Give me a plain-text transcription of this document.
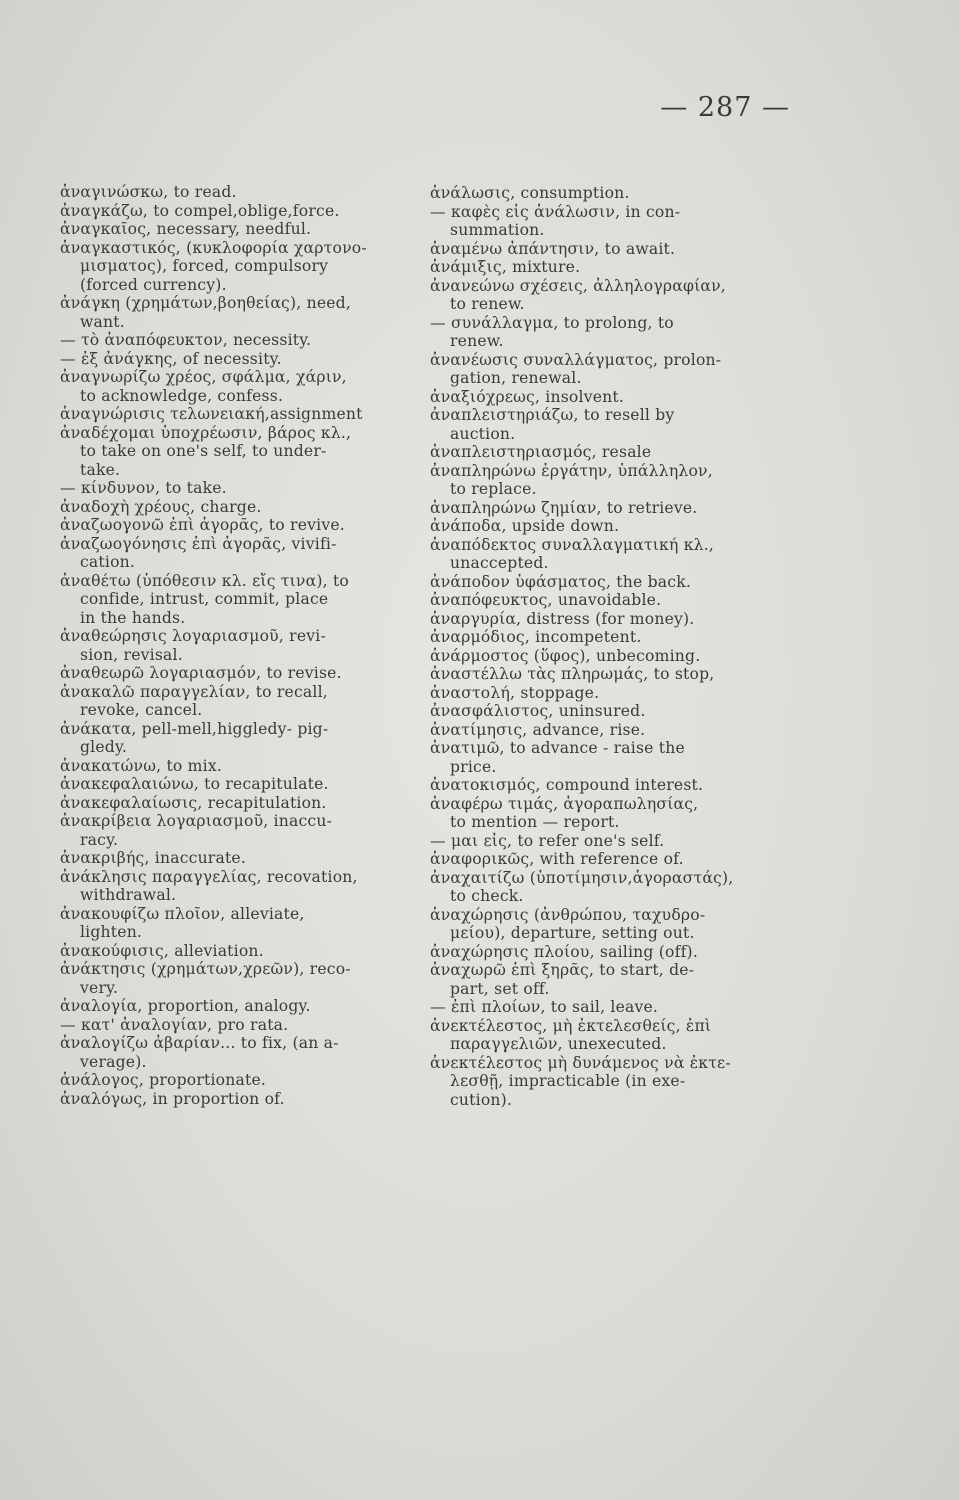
— 287 —

ἀναγινώσκω, to read.

ἀναγκάζω, to compel,oblige,force.

ἀναγκαῖος, necessary, needful.

ἀναγκαστικός, (κυκλοφορία χαρτονο-
μισματος), forced, compulsory
(forced currency).

ἀνάγκη (χρημάτων,βοηθείας), need,
want.

— τὸ ἀναπόφευκτον, necessity.

— ἐξ ἀνάγκης, of necessity.

ἀναγνωρίζω χρέος, σφάλμα, χάριν,
to acknowledge, confess.

ἀναγνώρισις τελωνειακή,assignment

ἀναδέχομαι ὑποχρέωσιν, βάρος κλ.,
to take on one's self, to under-
take.

— κίνδυνον, to take.

ἀναδοχὴ χρέους, charge.

ἀναζωογονῶ ἐπὶ ἀγορᾶς, to revive.

ἀναζωογόνησις ἐπὶ ἀγορᾶς, vivifi-
cation.

ἀναθέτω (ὑπόθεσιν κλ. εἴς τινα), to
confide, intrust, commit, place
in the hands.

ἀναθεώρησις λογαριασμοῦ, revi-
sion, revisal.

ἀναθεωρῶ λογαριασμόν, to revise.

ἀνακαλῶ παραγγελίαν, to recall,
revoke, cancel.

ἀνάκατα, pell-mell,higgledy- pig-
gledy.

ἀνακατώνω, to mix.

ἀνακεφαλαιώνω, to recapitulate.

ἀνακεφαλαίωσις, recapitulation.

ἀνακρίβεια λογαριασμοῦ, inaccu-
racy.

ἀνακριβής, inaccurate.

ἀνάκλησις παραγγελίας, recovation,
withdrawal.

ἀνακουφίζω πλοῖον, alleviate,
lighten.

ἀνακούφισις, alleviation.

ἀνάκτησις (χρημάτων,χρεῶν), reco-
very.

ἀναλογία, proportion, analogy.

— κατ' ἀναλογίαν, pro rata.

ἀναλογίζω ἀβαρίαν... to fix, (an a-
verage).

ἀνάλογος, proportionate.

ἀναλόγως, in proportion of.

ἀνάλωσις, consumption.

— καφὲς εἰς ἀνάλωσιν, in con-
summation.

ἀναμένω ἀπάντησιν, to await.

ἀνάμιξις, mixture.

ἀνανεώνω σχέσεις, ἀλληλογραφίαν,
to renew.

— συνάλλαγμα, to prolong, to
renew.

ἀνανέωσις συναλλάγματος, prolon-
gation, renewal.

ἀναξιόχρεως, insolvent.

ἀναπλειστηριάζω, to resell by
auction.

ἀναπλειστηριασμός, resale

ἀναπληρώνω ἐργάτην, ὑπάλληλον,
to replace.

ἀναπληρώνω ζημίαν, to retrieve.

ἀνάποδα, upside down.

ἀναπόδεκτος συναλλαγματική κλ.,
unaccepted.

ἀνάποδον ὑφάσματος, the back.

ἀναπόφευκτος, unavoidable.

ἀναργυρία, distress (for money).

ἀναρμόδιος, incompetent.

ἀνάρμοστος (ὕφος), unbecoming.

ἀναστέλλω τὰς πληρωμάς, to stop,

ἀναστολή, stoppage.

ἀνασφάλιστος, uninsured.

ἀνατίμησις, advance, rise.

ἀνατιμῶ, to advance - raise the
price.

ἀνατοκισμός, compound interest.

ἀναφέρω τιμάς, ἀγοραπωλησίας,
to mention — report.

— μαι εἰς, to refer one's self.

ἀναφορικῶς, with reference of.

ἀναχαιτίζω (ὑποτίμησιν,ἀγοραστάς),
to check.

ἀναχώρησις (ἀνθρώπου, ταχυδρο-
μείου), departure, setting out.

ἀναχώρησις πλοίου, sailing (off).

ἀναχωρῶ ἐπὶ ξηρᾶς, to start, de-
part, set off.

— ἐπὶ πλοίων, to sail, leave.

ἀνεκτέλεστος, μὴ ἐκτελεσθείς, ἐπὶ
παραγγελιῶν, unexecuted.

ἀνεκτέλεστος μὴ δυνάμενος νὰ ἐκτε-
λεσθῇ, impracticable (in exe-
cution).
